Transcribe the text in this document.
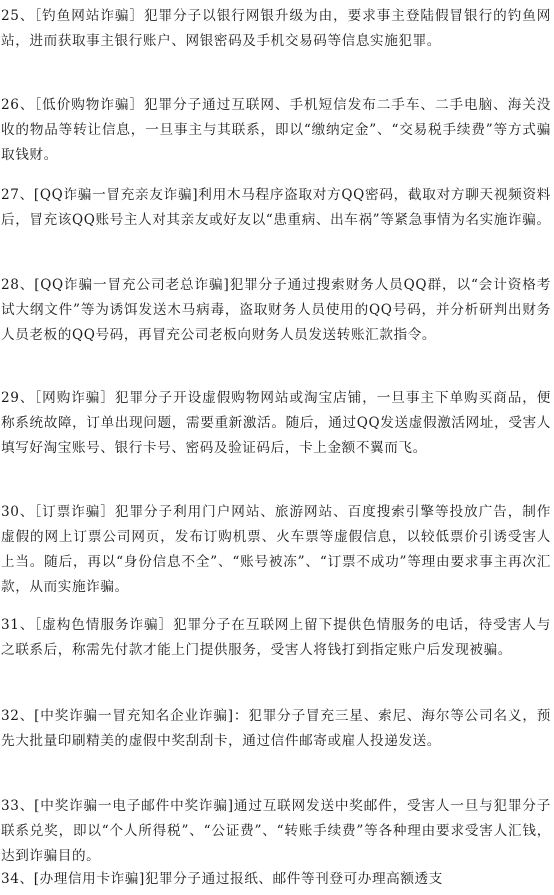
25、［钓鱼网站诈骗］犯罪分子以银行网银升级为由，要求事主登陆假冒银行的钓鱼网站，进而获取事主银行账户、网银密码及手机交易码等信息实施犯罪。

26、［低价购物诈骗］犯罪分子通过互联网、手机短信发布二手车、二手电脑、海关没收的物品等转让信息，一旦事主与其联系，即以“缴纳定金”、“交易税手续费”等方式骗取钱财。

27、[QQ诈骗一冒充亲友诈骗]利用木马程序盗取对方QQ密码，截取对方聊天视频资料后，冒充该QQ账号主人对其亲友或好友以“患重病、出车祸”等紧急事情为名实施诈骗。

28、[QQ诈骗一冒充公司老总诈骗]犯罪分子通过搜索财务人员QQ群，以“会计资格考试大纲文件”等为诱饵发送木马病毒，盗取财务人员使用的QQ号码，并分析研判出财务人员老板的QQ号码，再冒充公司老板向财务人员发送转账汇款指令。

29、［网购诈骗］犯罪分子开设虚假购物网站或淘宝店铺，一旦事主下单购买商品，便称系统故障，订单出现问题，需要重新激活。随后，通过QQ发送虚假激活网址，受害人填写好淘宝账号、银行卡号、密码及验证码后，卡上金额不翼而飞。

30、［订票诈骗］犯罪分子利用门户网站、旅游网站、百度搜索引擎等投放广告，制作虚假的网上订票公司网页，发布订购机票、火车票等虚假信息，以较低票价引诱受害人上当。随后，再以“身份信息不全”、“账号被冻”、“订票不成功”等理由要求事主再次汇款，从而实施诈骗。

31、［虚构色情服务诈骗］犯罪分子在互联网上留下提供色情服务的电话，待受害人与之联系后，称需先付款才能上门提供服务，受害人将钱打到指定账户后发现被骗。

32、[中奖诈骗一冒充知名企业诈骗]：犯罪分子冒充三星、索尼、海尔等公司名义，预先大批量印刷精美的虚假中奖刮刮卡，通过信件邮寄或雇人投递发送。

33、[中奖诈骗一电子邮件中奖诈骗]通过互联网发送中奖邮件，受害人一旦与犯罪分子联系兑奖，即以“个人所得税”、“公证费”、“转账手续费”等各种理由要求受害人汇钱，达到诈骗目的。

34、[办理信用卡诈骗]犯罪分子通过报纸、邮件等刊登可办理高额透支
